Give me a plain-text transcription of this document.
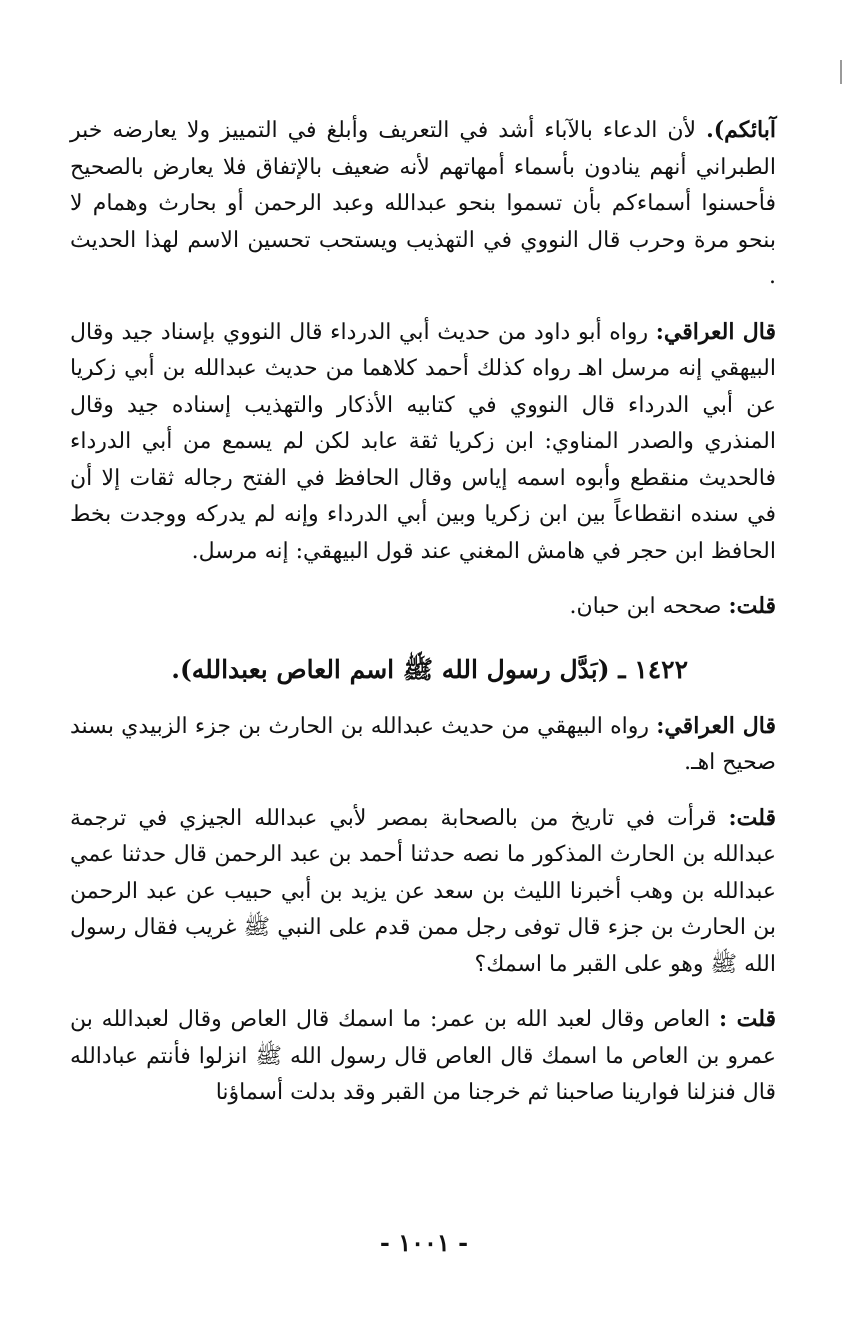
آبائكم). لأن الدعاء بالآباء أشد في التعريف وأبلغ في التمييز ولا يعارضه خبر الطبراني أنهم ينادون بأسماء أمهاتهم لأنه ضعيف بالإتفاق فلا يعارض بالصحيح فأحسنوا أسماءكم بأن تسموا بنحو عبدالله وعبد الرحمن أو بحارث وهمام لا بنحو مرة وحرب قال النووي في التهذيب ويستحب تحسين الاسم لهذا الحديث .

قال العراقي: رواه أبو داود من حديث أبي الدرداء قال النووي بإسناد جيد وقال البيهقي إنه مرسل اهـ رواه كذلك أحمد كلاهما من حديث عبدالله بن أبي زكريا عن أبي الدرداء قال النووي في كتابيه الأذكار والتهذيب إسناده جيد وقال المنذري والصدر المناوي: ابن زكريا ثقة عابد لكن لم يسمع من أبي الدرداء فالحديث منقطع وأبوه اسمه إياس وقال الحافظ في الفتح رجاله ثقات إلا أن في سنده انقطاعاً بين ابن زكريا وبين أبي الدرداء وإنه لم يدركه ووجدت بخط الحافظ ابن حجر في هامش المغني عند قول البيهقي: إنه مرسل.

قلت: صححه ابن حبان.

١٤٢٢ ـ (بَدَّل رسول الله ﷺ اسم العاص بعبدالله).

قال العراقي: رواه البيهقي من حديث عبدالله بن الحارث بن جزء الزبيدي بسند صحيح اهـ.

قلت: قرأت في تاريخ من بالصحابة بمصر لأبي عبدالله الجيزي في ترجمة عبدالله بن الحارث المذكور ما نصه حدثنا أحمد بن عبد الرحمن قال حدثنا عمي عبدالله بن وهب أخبرنا الليث بن سعد عن يزيد بن أبي حبيب عن عبد الرحمن بن الحارث بن جزء قال توفى رجل ممن قدم على النبي ﷺ غريب فقال رسول الله ﷺ وهو على القبر ما اسمك؟

قلت : العاص وقال لعبد الله بن عمر: ما اسمك قال العاص وقال لعبدالله بن عمرو بن العاص ما اسمك قال العاص قال رسول الله ﷺ انزلوا فأنتم عبادالله قال فنزلنا فوارينا صاحبنا ثم خرجنا من القبر وقد بدلت أسماؤنا

- ١٠٠١ -
